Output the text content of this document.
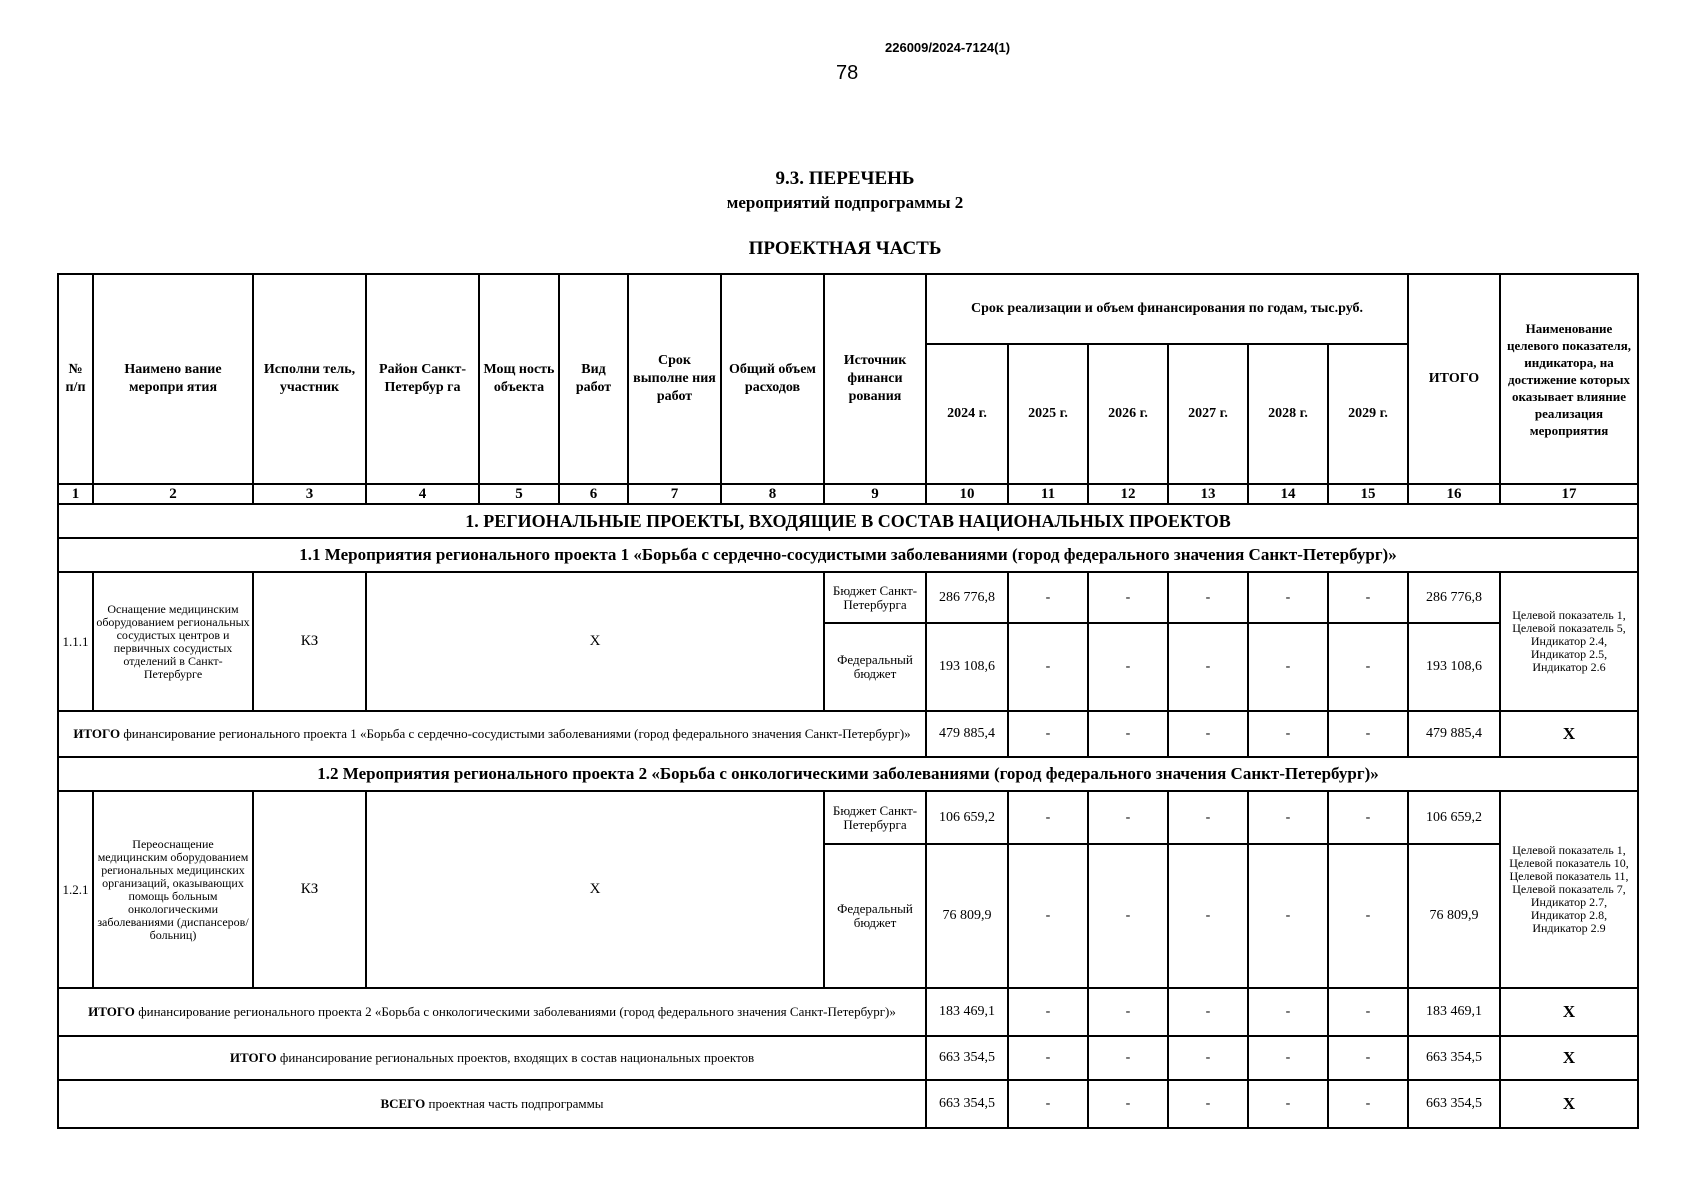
226009/2024-7124(1)
78
9.3. ПЕРЕЧЕНЬ
мероприятий подпрограммы 2
ПРОЕКТНАЯ ЧАСТЬ
№ п/п	Наимено вание меропри ятия	Исполни тель, участник	Район Санкт-Петербур га	Мощ ность объекта	Вид работ	Срок выполне ния работ	Общий объем расходов	Источник финанси рования	Срок реализации и объем финансирования по годам, тыс.руб.						ИТОГО	Наименование целевого показателя, индикатора, на достижение которых оказывает влияние реализация мероприятия
									2024 г.	2025 г.	2026 г.	2027 г.	2028 г.	2029 г.		
1	2	3	4	5	6	7	8	9	10	11	12	13	14	15	16	17
1. РЕГИОНАЛЬНЫЕ ПРОЕКТЫ, ВХОДЯЩИЕ В СОСТАВ НАЦИОНАЛЬНЫХ ПРОЕКТОВ																
1.1 Мероприятия регионального проекта 1 «Борьба с сердечно-сосудистыми заболеваниями (город федерального значения Санкт-Петербург)»																
1.1.1	Оснащение медицинским оборудованием региональных сосудистых центров и первичных сосудистых отделений в Санкт-Петербурге	КЗ	X					Бюджет Санкт-Петербурга	286 776,8	-	-	-	-	-	286 776,8	Целевой показатель 1, Целевой показатель 5, Индикатор 2.4, Индикатор 2.5, Индикатор 2.6
								Федеральный бюджет	193 108,6	-	-	-	-	-	193 108,6	
ИТОГО финансирование регионального проекта 1 «Борьба с сердечно-сосудистыми заболеваниями (город федерального значения Санкт-Петербург)»									479 885,4	-	-	-	-	-	479 885,4	X
1.2 Мероприятия регионального проекта 2 «Борьба с онкологическими заболеваниями (город федерального значения Санкт-Петербург)»																
1.2.1	Переоснащение медицинским оборудованием региональных медицинских организаций, оказывающих помощь больным онкологическими заболеваниями (диспансеров/больниц)	КЗ	X					Бюджет Санкт-Петербурга	106 659,2	-	-	-	-	-	106 659,2	Целевой показатель 1, Целевой показатель 10, Целевой показатель 11, Целевой показатель 7, Индикатор 2.7, Индикатор 2.8, Индикатор 2.9
								Федеральный бюджет	76 809,9	-	-	-	-	-	76 809,9	
ИТОГО финансирование регионального проекта 2 «Борьба с онкологическими заболеваниями (город федерального значения Санкт-Петербург)»									183 469,1	-	-	-	-	-	183 469,1	X
ИТОГО финансирование региональных проектов, входящих в состав национальных проектов									663 354,5	-	-	-	-	-	663 354,5	X
ВСЕГО проектная часть подпрограммы									663 354,5	-	-	-	-	-	663 354,5	X
